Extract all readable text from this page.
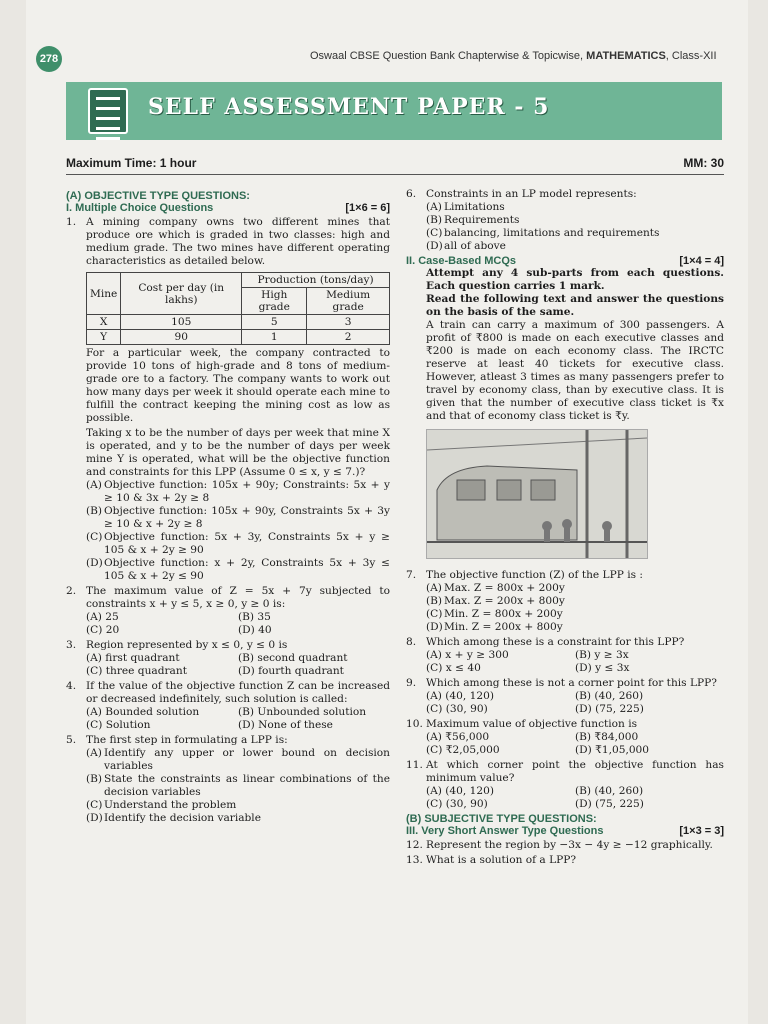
278	Oswaal CBSE Question Bank Chapterwise & Topicwise, MATHEMATICS, Class-XII
SELF ASSESSMENT PAPER - 5
Maximum Time: 1 hour	MM: 30
(A) OBJECTIVE TYPE QUESTIONS:
I. Multiple Choice Questions	[1×6 = 6]
1. A mining company owns two different mines that produce ore which is graded in two classes: high and medium grade. The two mines have different operating characteristics as detailed below.
Mine	Cost per day (in lakhs)	Production (tons/day)	
		High grade	Medium grade
X	105	5	3
Y	90	1	2
For a particular week, the company contracted to provide 10 tons of high-grade and 8 tons of medium-grade ore to a factory. The company wants to work out how many days per week it should operate each mine to fulfill the contract keeping the mining cost as low as possible.
Taking x to be the number of days per week that mine X is operated, and y to be the number of days per week mine Y is operated, what will be the objective function and constraints for this LPP (Assume 0 ≤ x, y ≤ 7.)?
(A) Objective function: 105x + 90y; Constraints: 5x + y ≥ 10 & 3x + 2y ≥ 8
(B) Objective function: 105x + 90y, Constraints 5x + 3y ≥ 10 & x + 2y ≥ 8
(C) Objective function: 5x + 3y, Constraints 5x + y ≥ 105 & x + 2y ≥ 90
(D) Objective function: x + 2y, Constraints 5x + 3y ≤ 105 & x + 2y ≤ 90
2. The maximum value of Z = 5x + 7y subjected to constraints x + y ≤ 5, x ≥ 0, y ≥ 0 is:
(A) 25	(B) 35
(C) 20	(D) 40
3. Region represented by x ≤ 0, y ≤ 0 is
(A) first quadrant	(B) second quadrant
(C) three quadrant	(D) fourth quadrant
4. If the value of the objective function Z can be increased or decreased indefinitely, such solution is called:
(A) Bounded solution	(B) Unbounded solution
(C) Solution	(D) None of these
5. The first step in formulating a LPP is:
(A) Identify any upper or lower bound on decision variables
(B) State the constraints as linear combinations of the decision variables
(C) Understand the problem
(D) Identify the decision variable
6. Constraints in an LP model represents:
(A) Limitations
(B) Requirements
(C) balancing, limitations and requirements
(D) all of above
II. Case-Based MCQs	[1×4 = 4]
Attempt any 4 sub-parts from each questions. Each question carries 1 mark.
Read the following text and answer the questions on the basis of the same.
A train can carry a maximum of 300 passengers. A profit of ₹800 is made on each executive classes and ₹200 is made on each economy class. The IRCTC reserve at least 40 tickets for executive class. However, atleast 3 times as many passengers prefer to travel by economy class, than by executive class. It is given that the number of executive class ticket is ₹x and that of economy class ticket is ₹y.
7. The objective function (Z) of the LPP is :
(A) Max. Z = 800x + 200y
(B) Max. Z = 200x + 800y
(C) Min. Z = 800x + 200y
(D) Min. Z = 200x + 800y
8. Which among these is a constraint for this LPP?
(A) x + y ≥ 300	(B) y ≥ 3x
(C) x ≤ 40	(D) y ≤ 3x
9. Which among these is not a corner point for this LPP?
(A) (40, 120)	(B) (40, 260)
(C) (30, 90)	(D) (75, 225)
10. Maximum value of objective function is
(A) ₹56,000	(B) ₹84,000
(C) ₹2,05,000	(D) ₹1,05,000
11. At which corner point the objective function has minimum value?
(A) (40, 120)	(B) (40, 260)
(C) (30, 90)	(D) (75, 225)
(B) SUBJECTIVE TYPE QUESTIONS:
III. Very Short Answer Type Questions	[1×3 = 3]
12. Represent the region by −3x − 4y ≥ −12 graphically.
13. What is a solution of a LPP?
